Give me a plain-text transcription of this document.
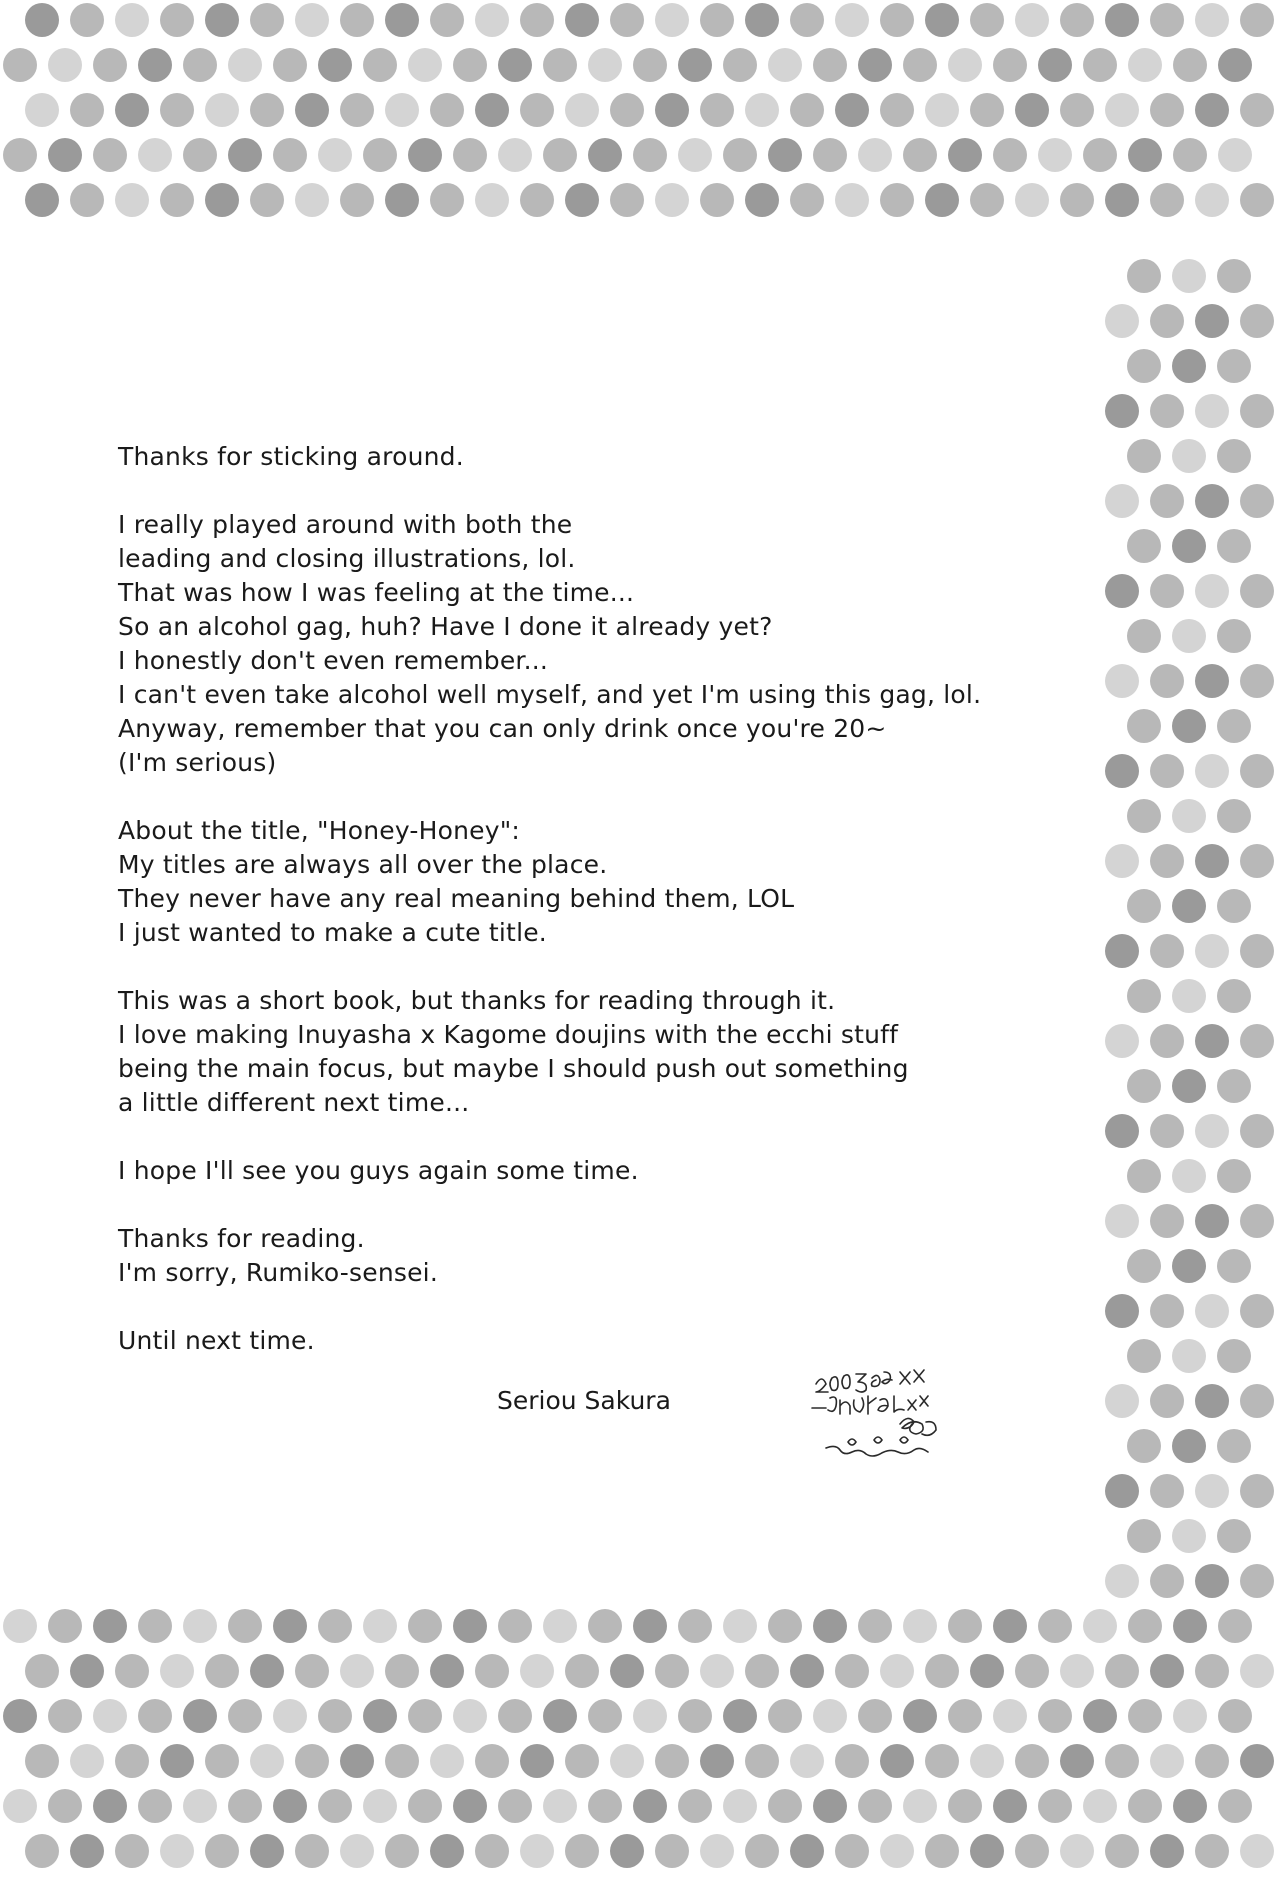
Thanks for sticking around.

I really played around with both the
leading and closing illustrations, lol.
That was how I was feeling at the time...
So an alcohol gag, huh? Have I done it already yet?
I honestly don't even remember...
I can't even take alcohol well myself, and yet I'm using this gag, lol.
Anyway, remember that you can only drink once you're 20~
(I'm serious)

About the title, "Honey-Honey":
My titles are always all over the place.
They never have any real meaning behind them, LOL
I just wanted to make a cute title.

This was a short book, but thanks for reading through it.
I love making Inuyasha x Kagome doujins with the ecchi stuff
being the main focus, but maybe I should push out something
a little different next time...

I hope I'll see you guys again some time.

Thanks for reading.
I'm sorry, Rumiko-sensei.

Until next time.

Seriou Sakura
